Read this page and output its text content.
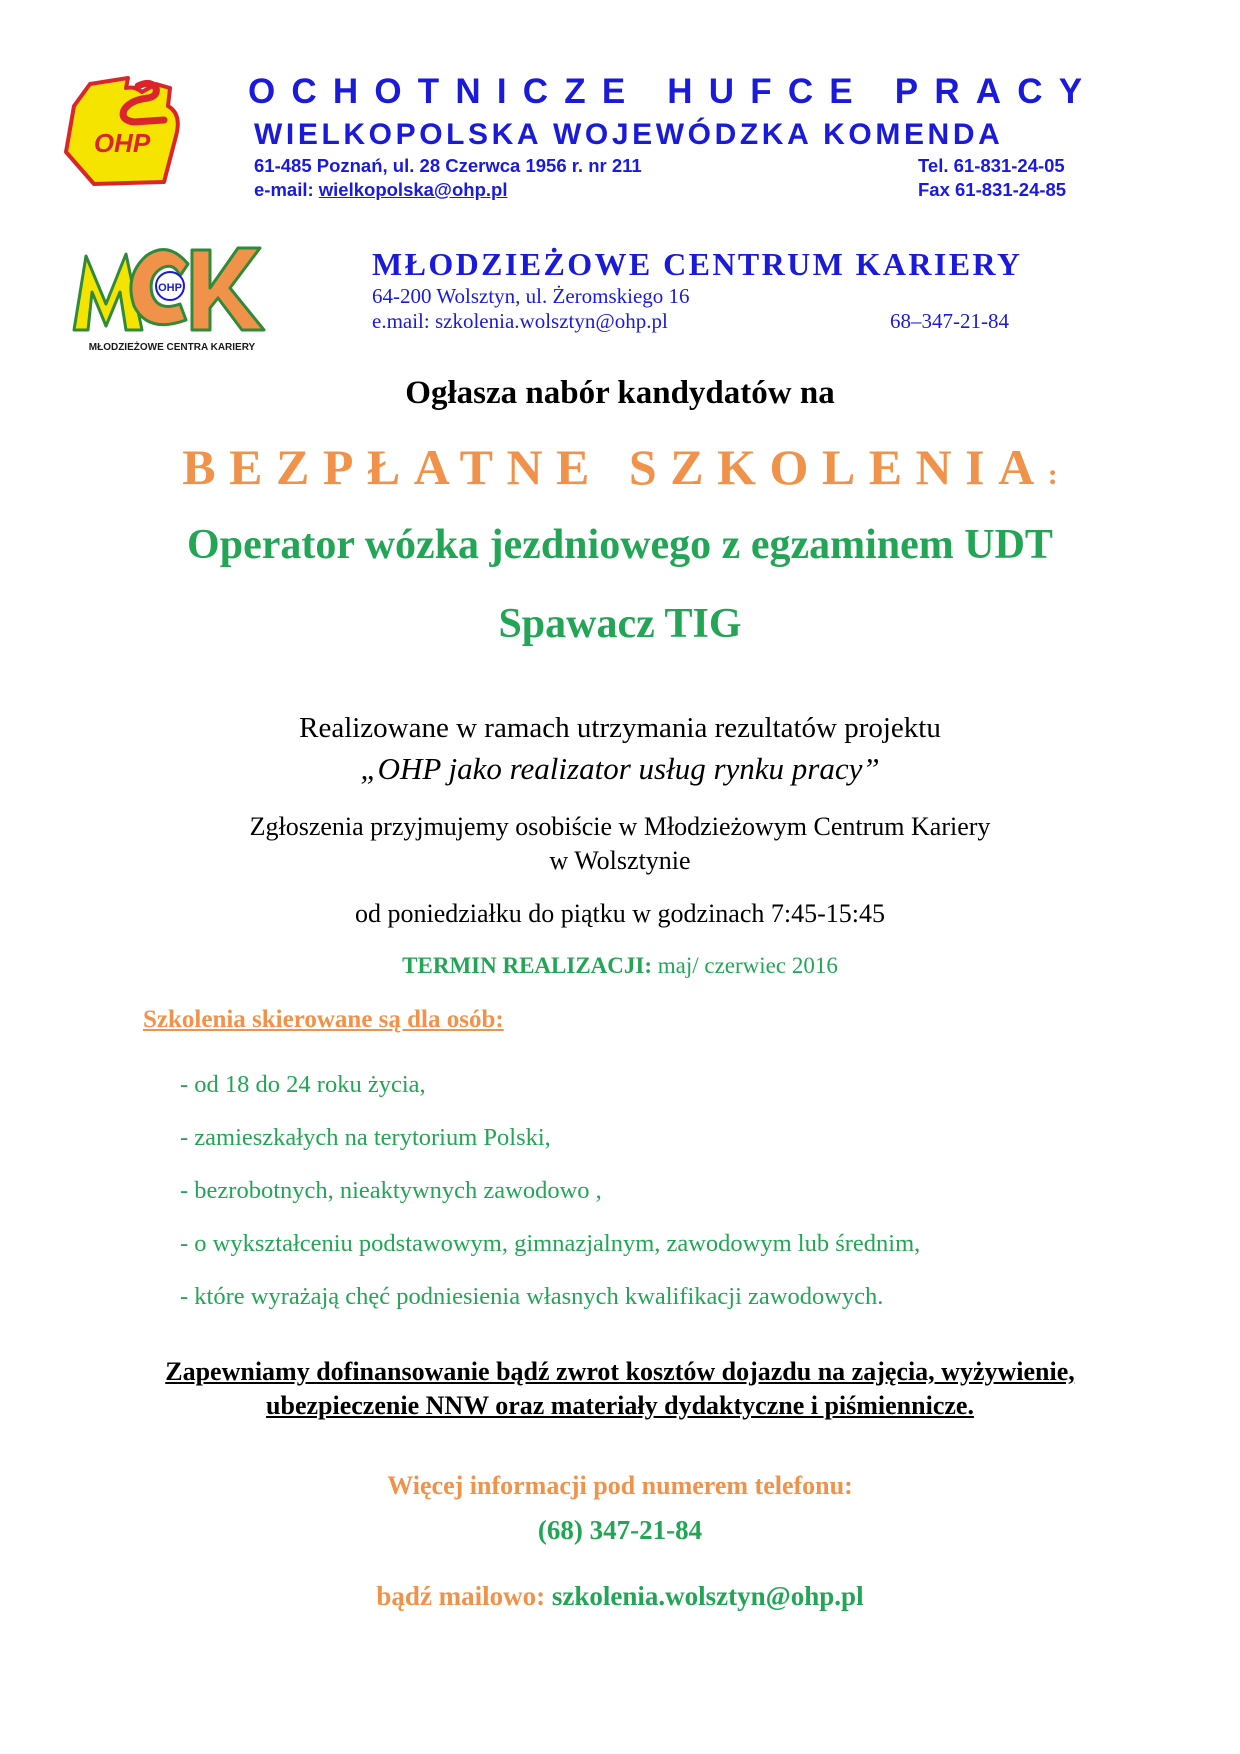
OHP
OCHOTNICZE HUFCE PRACY
WIELKOPOLSKA WOJEWÓDZKA KOMENDA
61-485 Poznań, ul. 28 Czerwca 1956 r. nr 211
e-mail: wielkopolska@ohp.pl
Tel. 61-831-24-05
Fax 61-831-24-85
OHP
MŁODZIEŻOWE CENTRA KARIERY
MŁODZIEŻOWE CENTRUM KARIERY
64-200 Wolsztyn, ul. Żeromskiego 16
e.mail: szkolenia.wolsztyn@ohp.pl	68–347-21-84
Ogłasza nabór kandydatów na
BEZPŁATNE SZKOLENIA:
Operator wózka jezdniowego z egzaminem UDT
Spawacz TIG
Realizowane w ramach utrzymania rezultatów projektu
„OHP jako realizator usług rynku pracy”
Zgłoszenia przyjmujemy osobiście w Młodzieżowym Centrum Kariery
w Wolsztynie
od poniedziałku do piątku w godzinach 7:45-15:45
TERMIN REALIZACJI: maj/ czerwiec 2016
Szkolenia skierowane są dla osób:
- od 18 do 24 roku życia,
- zamieszkałych na terytorium Polski,
- bezrobotnych, nieaktywnych zawodowo ,
- o wykształceniu podstawowym, gimnazjalnym, zawodowym lub średnim,
- które wyrażają chęć podniesienia własnych kwalifikacji zawodowych.
Zapewniamy dofinansowanie bądź zwrot kosztów dojazdu na zajęcia, wyżywienie,
ubezpieczenie NNW oraz materiały dydaktyczne i piśmiennicze.
Więcej informacji pod numerem telefonu:
(68) 347-21-84
bądź mailowo: szkolenia.wolsztyn@ohp.pl
